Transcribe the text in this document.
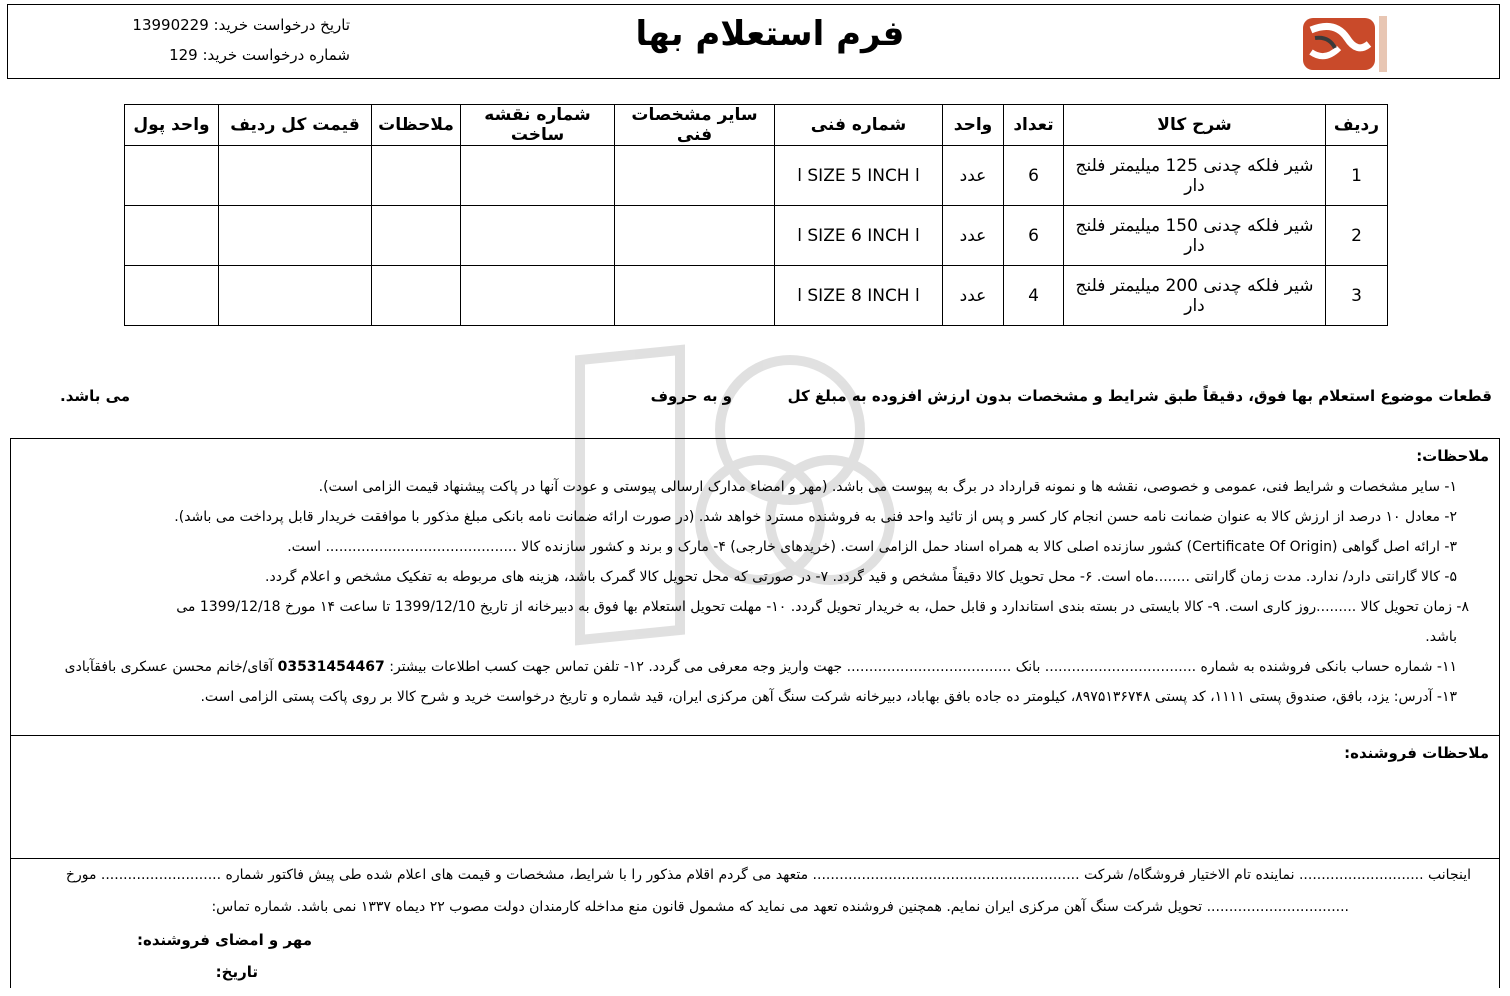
فرم استعلام بها
تاریخ درخواست خرید: 13990229
شماره درخواست خرید: 129
ردیف	شرح کالا	تعداد	واحد	شماره فنی	سایر مشخصات فنی	شماره نقشه ساخت	ملاحظات	قیمت کل ردیف	واحد پول
1	شیر فلکه چدنی 125 میلیمتر فلنج دار	6	عدد	l SIZE 5 INCH l					
2	شیر فلکه چدنی 150 میلیمتر فلنج دار	6	عدد	l SIZE 6 INCH l					
3	شیر فلکه چدنی 200 میلیمتر فلنج دار	4	عدد	l SIZE 8 INCH l					
قطعات موضوع استعلام بها فوق، دقیقاً طبق شرایط و مشخصات بدون ارزش افزوده به مبلغ کل
و به حروف
می باشد.
ملاحظات:
۱- سایر مشخصات و شرایط فنی، عمومی و خصوصی، نقشه ها و نمونه قرارداد در برگ به پیوست می باشد. (مهر و امضاء مدارک ارسالی پیوستی و عودت آنها در پاکت پیشنهاد قیمت الزامی است).
۲- معادل ۱۰ درصد از ارزش کالا به عنوان ضمانت نامه حسن انجام کار کسر و پس از تائید واحد فنی به فروشنده مسترد خواهد شد. (در صورت ارائه ضمانت نامه بانکی مبلغ مذکور با موافقت خریدار قابل پرداخت می باشد).
۳- ارائه اصل گواهی (Certificate Of Origin) کشور سازنده اصلی کالا به همراه اسناد حمل الزامی است. (خریدهای خارجی) ۴- مارک و برند و کشور سازنده کالا ........................................... است.
۵- کالا گارانتی دارد/ ندارد. مدت زمان گارانتی ........ماه است. ۶- محل تحویل کالا دقیقاً مشخص و قید گردد. ۷- در صورتی که محل تحویل کالا گمرک باشد، هزینه های مربوطه به تفکیک مشخص و اعلام گردد.
۸- زمان تحویل کالا .........روز کاری است. ۹- کالا بایستی در بسته بندی استاندارد و قابل حمل، به خریدار تحویل گردد. ۱۰- مهلت تحویل استعلام بها فوق به دبیرخانه از تاریخ 1399/12/10 تا ساعت ۱۴ مورخ 1399/12/18 می
باشد.
۱۱- شماره حساب بانکی فروشنده به شماره .................................. بانک ..................................... جهت واریز وجه معرفی می گردد. ۱۲- تلفن تماس جهت کسب اطلاعات بیشتر: 03531454467 آقای/خانم محسن عسکری بافقآبادی
۱۳- آدرس: یزد، بافق، صندوق پستی ۱۱۱۱، کد پستی ۸۹۷۵۱۳۶۷۴۸، کیلومتر ده جاده بافق بهاباد، دبیرخانه شرکت سنگ آهن مرکزی ایران، قید شماره و تاریخ درخواست خرید و شرح کالا بر روی پاکت پستی الزامی است.
ملاحظات فروشنده:
اینجانب ............................ نماینده تام الاختیار فروشگاه/ شرکت ............................................................ متعهد می گردم اقلام مذکور را با شرایط، مشخصات و قیمت های اعلام شده طی پیش فاکتور شماره ........................... مورخ
................................ تحویل شرکت سنگ آهن مرکزی ایران نمایم. همچنین فروشنده تعهد می نماید که مشمول قانون منع مداخله کارمندان دولت مصوب ۲۲ دیماه ۱۳۳۷ نمی باشد. شماره تماس:
مهر و امضای فروشنده:
تاریخ:
